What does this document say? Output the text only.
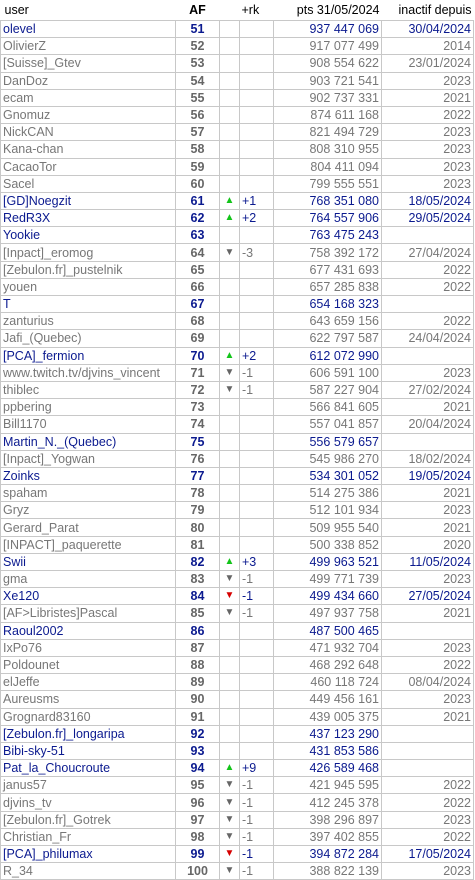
user	AF		+rk	pts 31/05/2024	inactif depuis
olevel	51			937 447 069	30/04/2024
OlivierZ	52			917 077 499	2014
[Suisse]_Gtev	53			908 554 622	23/01/2024
DanDoz	54			903 721 541	2023
ecam	55			902 737 331	2021
Gnomuz	56			874 611 168	2022
NickCAN	57			821 494 729	2023
Kana-chan	58			808 310 955	2023
CacaoTor	59			804 411 094	2023
Sacel	60			799 555 551	2023
[GD]Noegzit	61	▲	+1	768 351 080	18/05/2024
RedR3X	62	▲	+2	764 557 906	29/05/2024
Yookie	63			763 475 243	
[Inpact]_eromog	64	▼	-3	758 392 172	27/04/2024
[Zebulon.fr]_pustelnik	65			677 431 693	2022
youen	66			657 285 838	2022
T	67			654 168 323	
zanturius	68			643 659 156	2022
Jafi_(Quebec)	69			622 797 587	24/04/2024
[PCA]_fermion	70	▲	+2	612 072 990	
www.twitch.tv/djvins_vincent	71	▼	-1	606 591 100	2023
thiblec	72	▼	-1	587 227 904	27/02/2024
ppbering	73			566 841 605	2021
Bill1170	74			557 041 857	20/04/2024
Martin_N._(Quebec)	75			556 579 657	
[Inpact]_Yogwan	76			545 986 270	18/02/2024
Zoinks	77			534 301 052	19/05/2024
spaham	78			514 275 386	2021
Gryz	79			512 101 934	2023
Gerard_Parat	80			509 955 540	2021
[INPACT]_paquerette	81			500 338 852	2020
Swii	82	▲	+3	499 963 521	11/05/2024
gma	83	▼	-1	499 771 739	2023
Xe120	84	▼	-1	499 434 660	27/05/2024
[AF>Libristes]Pascal	85	▼	-1	497 937 758	2021
Raoul2002	86			487 500 465	
IxPo76	87			471 932 704	2023
Poldounet	88			468 292 648	2022
elJeffe	89			460 118 724	08/04/2024
Aureusms	90			449 456 161	2023
Grognard83160	91			439 005 375	2021
[Zebulon.fr]_longaripa	92			437 123 290	
Bibi-sky-51	93			431 853 586	
Pat_la_Choucroute	94	▲	+9	426 589 468	
janus57	95	▼	-1	421 945 595	2022
djvins_tv	96	▼	-1	412 245 378	2022
[Zebulon.fr]_Gotrek	97	▼	-1	398 296 897	2023
Christian_Fr	98	▼	-1	397 402 855	2022
[PCA]_philumax	99	▼	-1	394 872 284	17/05/2024
R_34	100	▼	-1	388 822 139	2023
